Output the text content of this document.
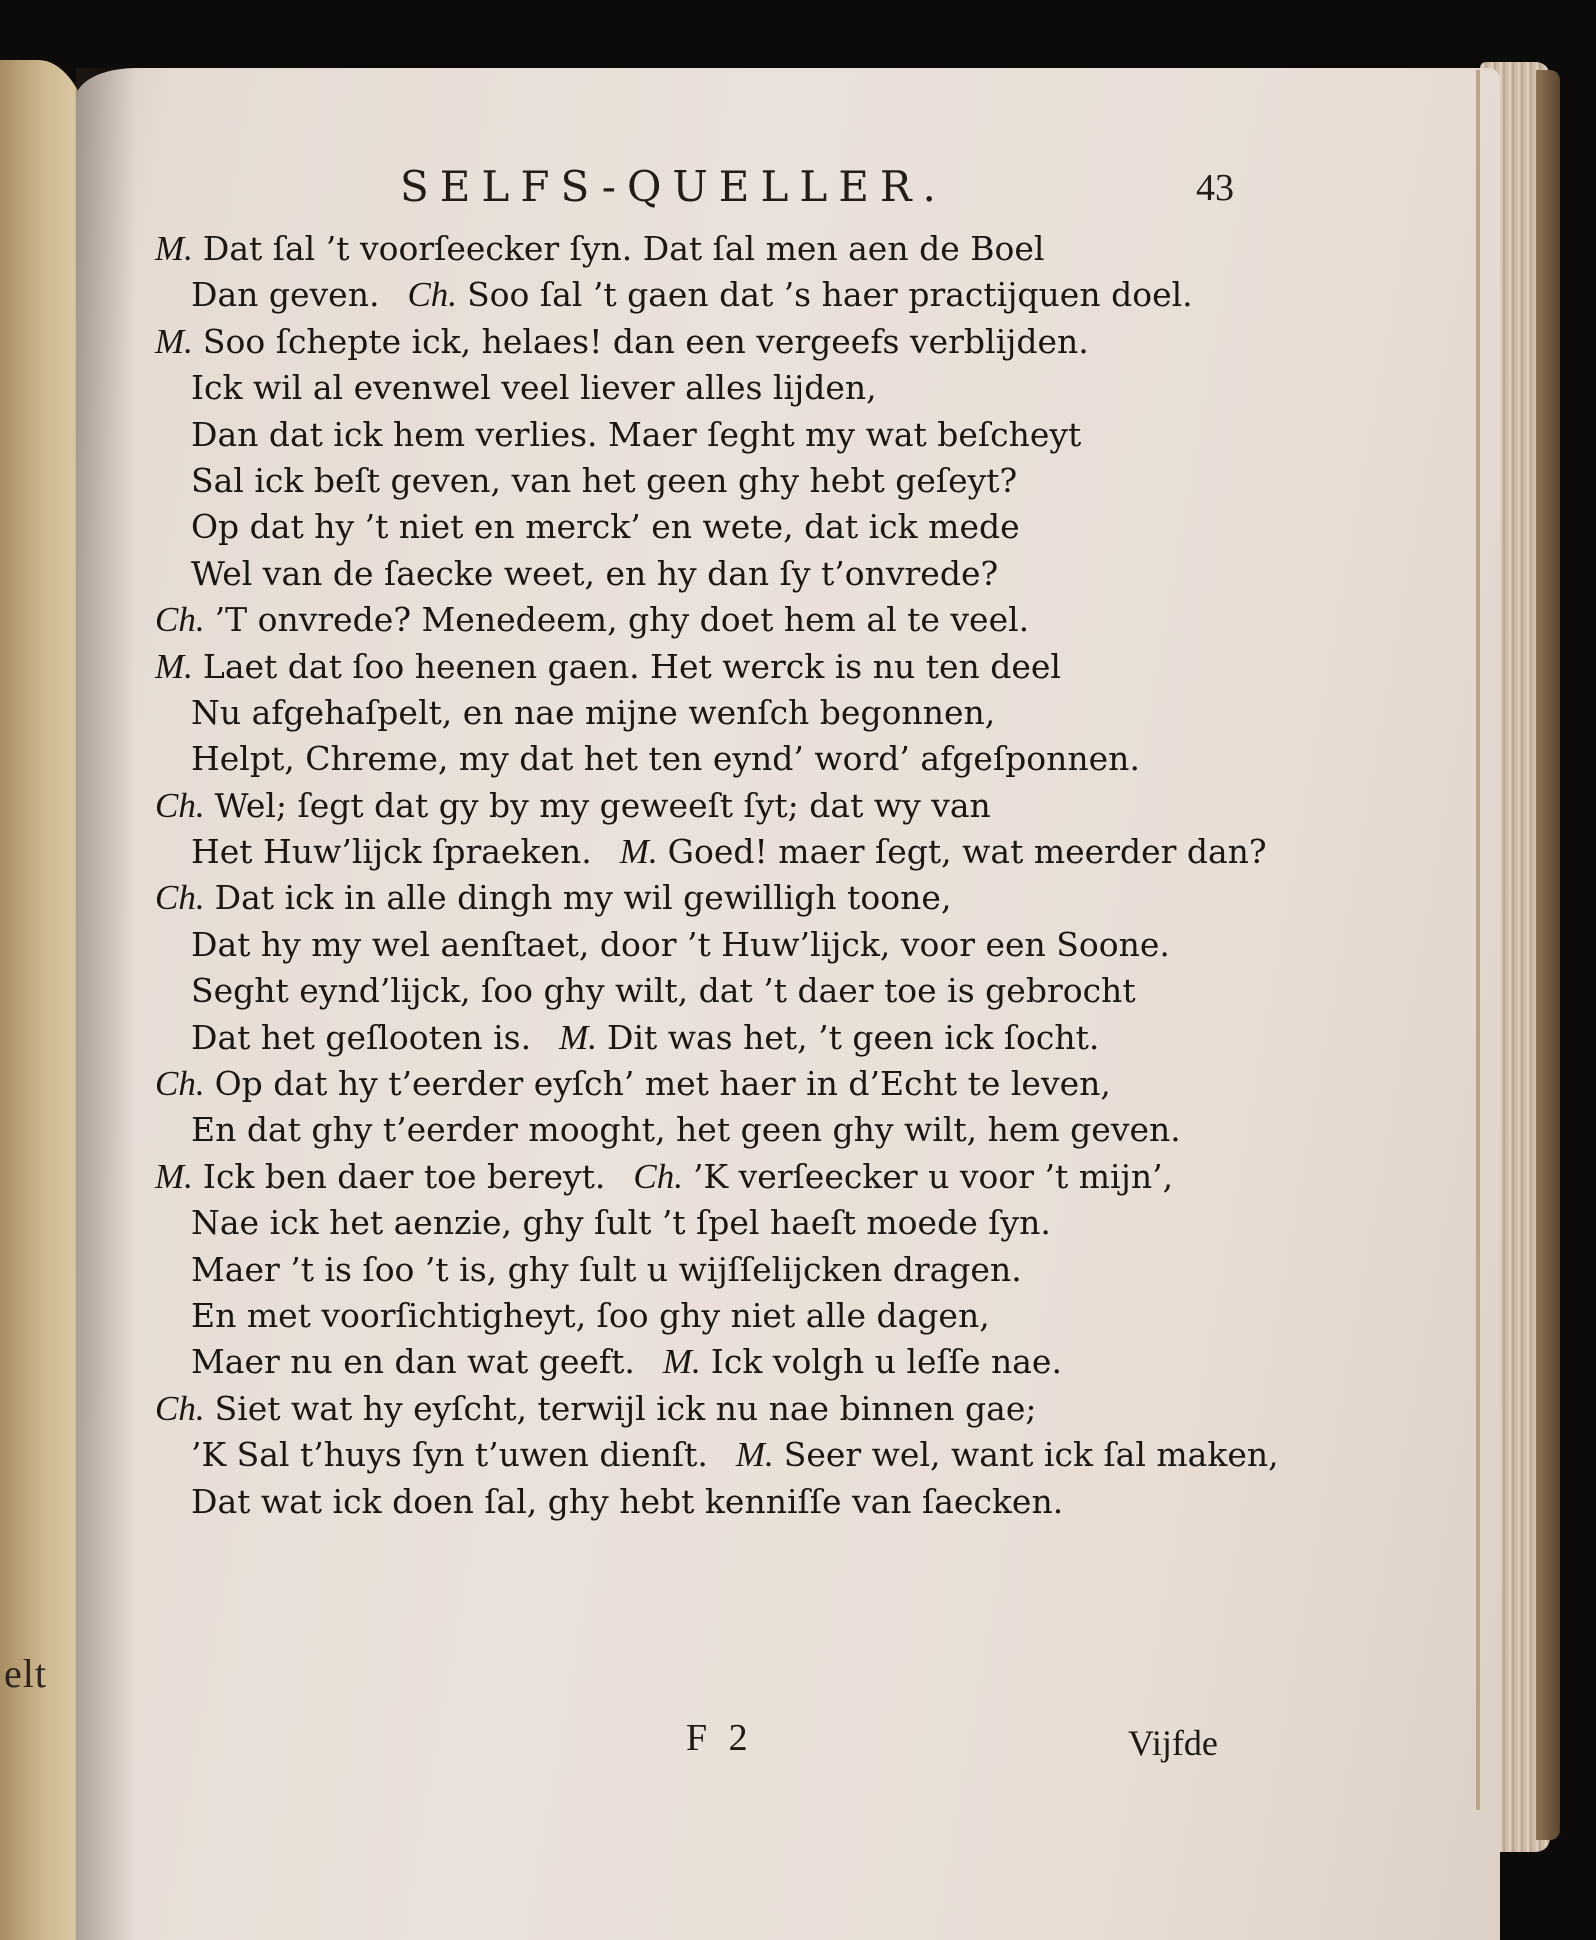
elt
SELFS-QUELLER.	43
M. Dat ſal ’t voorſeecker ſyn. Dat ſal men aen de Boel
Dan geven. Ch. Soo ſal ’t gaen dat ’s haer practijquen doel.
M. Soo ſchepte ick, helaes! dan een vergeefs verblijden.
Ick wil al evenwel veel liever alles lijden,
Dan dat ick hem verlies. Maer ſeght my wat beſcheyt
Sal ick beſt geven, van het geen ghy hebt geſeyt?
Op dat hy ’t niet en merck’ en wete, dat ick mede
Wel van de ſaecke weet, en hy dan ſy t’onvrede?
Ch. ’T onvrede? Menedeem, ghy doet hem al te veel.
M. Laet dat ſoo heenen gaen. Het werck is nu ten deel
Nu afgehaſpelt, en nae mijne wenſch begonnen,
Helpt, Chreme, my dat het ten eynd’ word’ afgeſponnen.
Ch. Wel; ſegt dat gy by my geweeſt ſyt; dat wy van
Het Huw’lijck ſpraeken. M. Goed! maer ſegt, wat meerder dan?
Ch. Dat ick in alle dingh my wil gewilligh toone,
Dat hy my wel aenſtaet, door ’t Huw’lijck, voor een Soone.
Seght eynd’lijck, ſoo ghy wilt, dat ’t daer toe is gebrocht
Dat het geſlooten is. M. Dit was het, ’t geen ick ſocht.
Ch. Op dat hy t’eerder eyſch’ met haer in d’Echt te leven,
En dat ghy t’eerder mooght, het geen ghy wilt, hem geven.
M. Ick ben daer toe bereyt. Ch. ’K verſeecker u voor ’t mijn’,
Nae ick het aenzie, ghy ſult ’t ſpel haeſt moede ſyn.
Maer ’t is ſoo ’t is, ghy ſult u wijſſelijcken dragen.
En met voorſichtigheyt, ſoo ghy niet alle dagen,
Maer nu en dan wat geeft. M. Ick volgh u leſſe nae.
Ch. Siet wat hy eyſcht, terwijl ick nu nae binnen gae;
’K Sal t’huys ſyn t’uwen dienſt. M. Seer wel, want ick ſal maken,
Dat wat ick doen ſal, ghy hebt kenniſſe van ſaecken.
F 2	Vijfde
